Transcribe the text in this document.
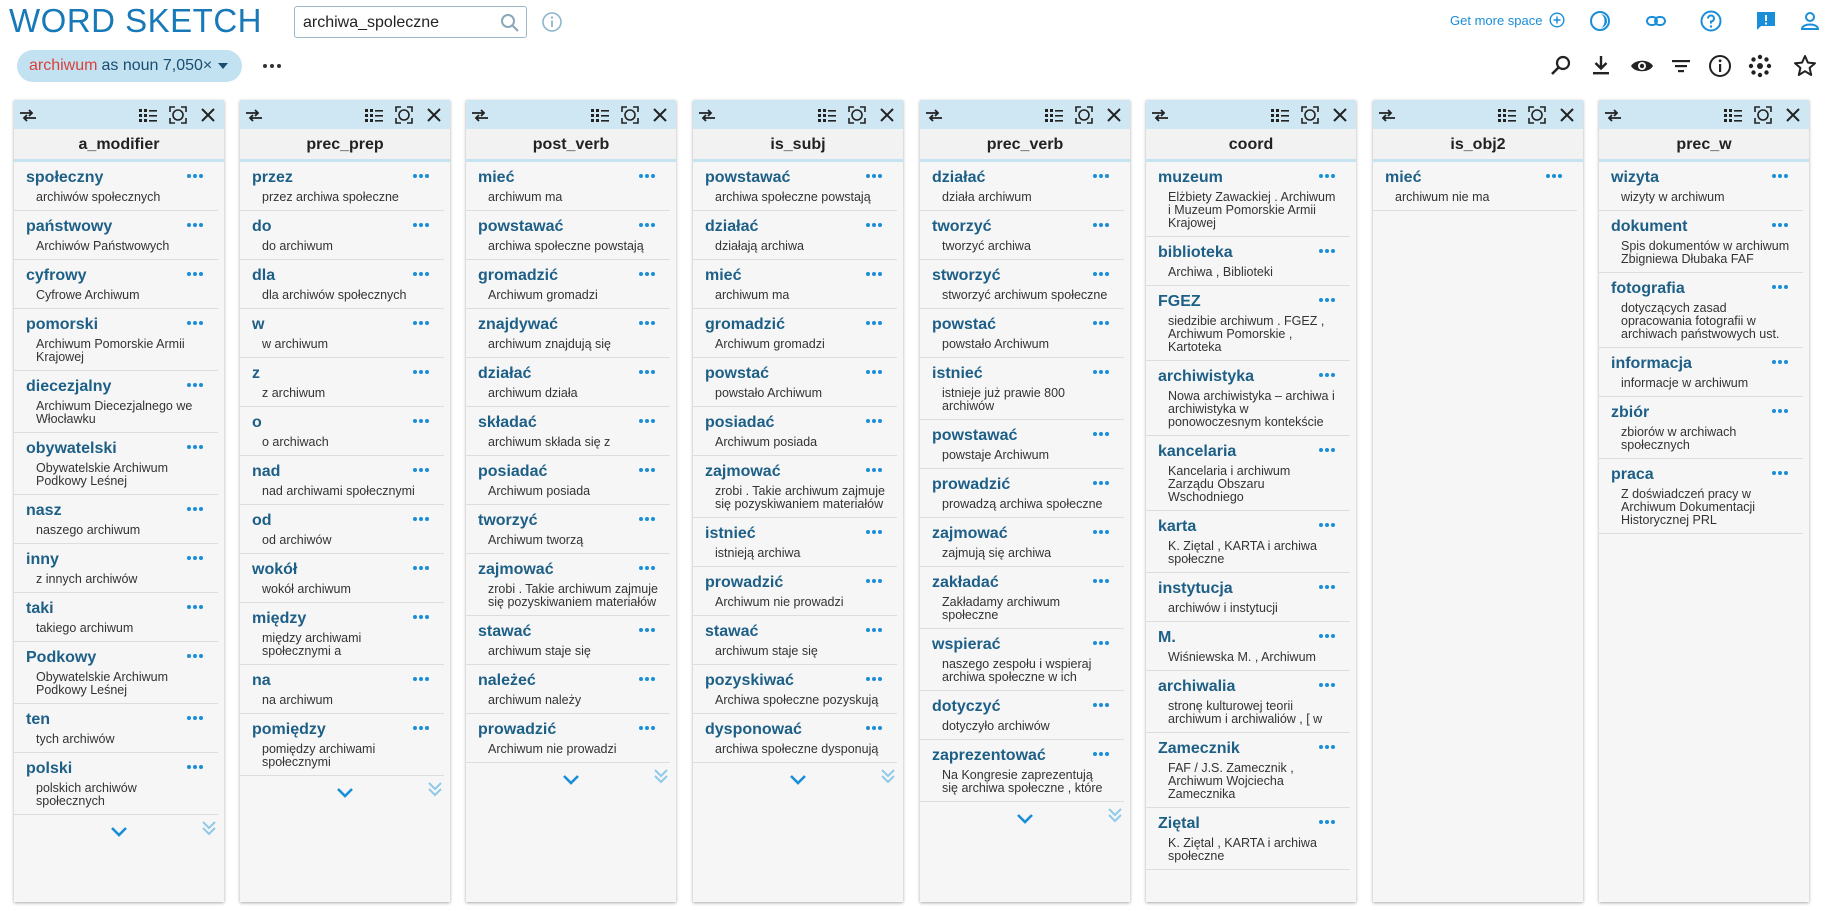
WORD SKETCH
archiwa_spoleczne	Get more space
archiwum as noun 7,050×
a_modifier
społeczny
archiwów społecznych
państwowy
Archiwów Państwowych
cyfrowy
Cyfrowe Archiwum
pomorski
Archiwum Pomorskie Armii Krajowej
diecezjalny
Archiwum Diecezjalnego we Włocławku
obywatelski
Obywatelskie Archiwum Podkowy Leśnej
nasz
naszego archiwum
inny
z innych archiwów
taki
takiego archiwum
Podkowy
Obywatelskie Archiwum Podkowy Leśnej
ten
tych archiwów
polski
polskich archiwów społecznych
prec_prep
przez
przez archiwa społeczne
do
do archiwum
dla
dla archiwów społecznych
w
w archiwum
z
z archiwum
o
o archiwach
nad
nad archiwami społecznymi
od
od archiwów
wokół
wokół archiwum
między
między archiwami społecznymi a
na
na archiwum
pomiędzy
pomiędzy archiwami społecznymi
post_verb
mieć
archiwum ma
powstawać
archiwa społeczne powstają
gromadzić
Archiwum gromadzi
znajdywać
archiwum znajdują się
działać
archiwum działa
składać
archiwum składa się z
posiadać
Archiwum posiada
tworzyć
Archiwum tworzą
zajmować
zrobi . Takie archiwum zajmuje się pozyskiwaniem materiałów
stawać
archiwum staje się
należeć
archiwum należy
prowadzić
Archiwum nie prowadzi
is_subj
powstawać
archiwa społeczne powstają
działać
działają archiwa
mieć
archiwum ma
gromadzić
Archiwum gromadzi
powstać
powstało Archiwum
posiadać
Archiwum posiada
zajmować
zrobi . Takie archiwum zajmuje się pozyskiwaniem materiałów
istnieć
istnieją archiwa
prowadzić
Archiwum nie prowadzi
stawać
archiwum staje się
pozyskiwać
Archiwa społeczne pozyskują
dysponować
archiwa społeczne dysponują
prec_verb
działać
działa archiwum
tworzyć
tworzyć archiwa
stworzyć
stworzyć archiwum społeczne
powstać
powstało Archiwum
istnieć
istnieje już prawie 800 archiwów
powstawać
powstaje Archiwum
prowadzić
prowadzą archiwa społeczne
zajmować
zajmują się archiwa
zakładać
Zakładamy archiwum społeczne
wspierać
naszego zespołu i wspieraj archiwa społeczne w ich
dotyczyć
dotyczyło archiwów
zaprezentować
Na Kongresie zaprezentują się archiwa społeczne , które
coord
muzeum
Elżbiety Zawackiej . Archiwum i Muzeum Pomorskie Armii Krajowej
biblioteka
Archiwa , Biblioteki
FGEZ
siedzibie archiwum . FGEZ , Archiwum Pomorskie , Kartoteka
archiwistyka
Nowa archiwistyka – archiwa i archiwistyka w ponowoczesnym kontekście
kancelaria
Kancelaria i archiwum Zarządu Obszaru Wschodniego
karta
K. Ziętal , KARTA i archiwa społeczne
instytucja
archiwów i instytucji
M.
Wiśniewska M. , Archiwum
archiwalia
stronę kulturowej teorii archiwum i archiwaliów , [ w
Zamecznik
FAF / J.S. Zamecznik , Archiwum Wojciecha Zamecznika
Ziętal
K. Ziętal , KARTA i archiwa społeczne
is_obj2
mieć
archiwum nie ma
prec_w
wizyta
wizyty w archiwum
dokument
Spis dokumentów w archiwum Zbigniewa Dłubaka FAF
fotografia
dotyczących zasad opracowania fotografii w archiwach państwowych ust.
informacja
informacje w archiwum
zbiór
zbiorów w archiwach społecznych
praca
Z doświadczeń pracy w Archiwum Dokumentacji Historycznej PRL
